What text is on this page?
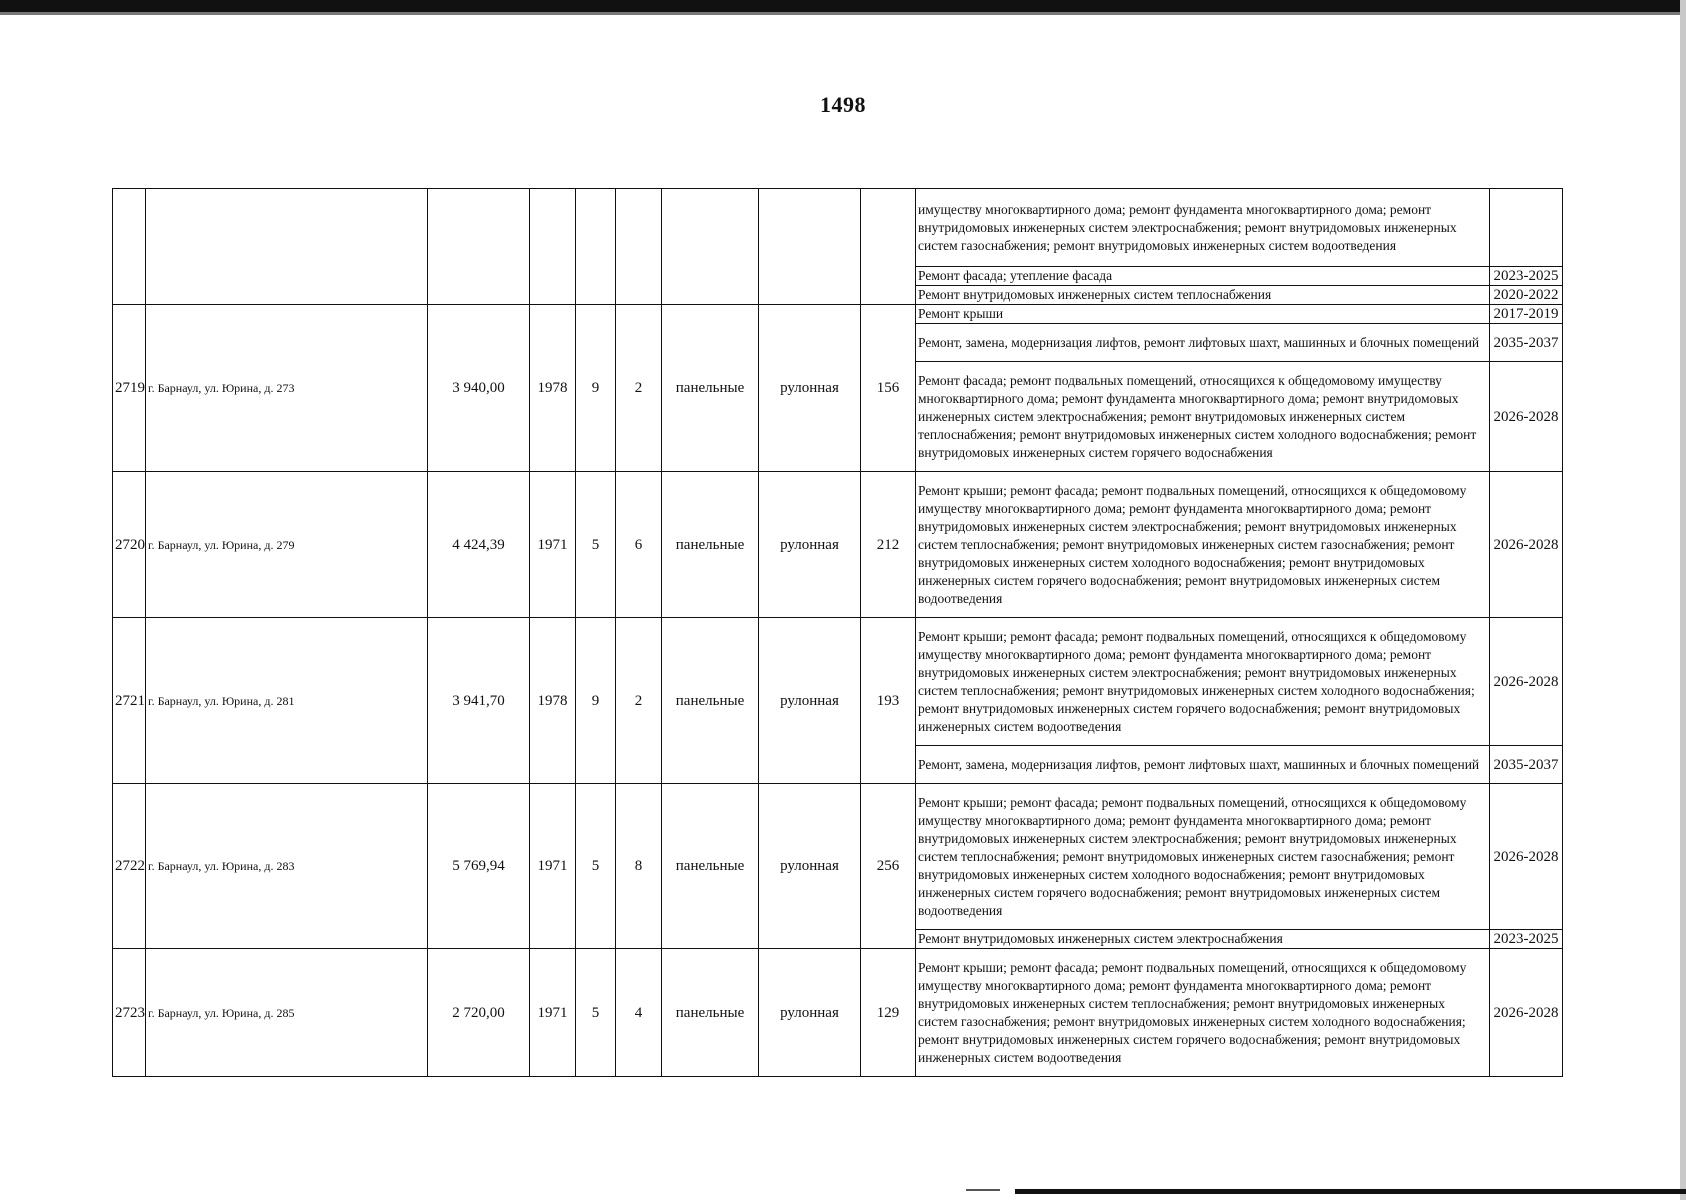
1498
									имуществу многоквартирного дома; ремонт фундамента многоквартирного дома; ремонт внутридомовых инженерных систем электроснабжения; ремонт внутридомовых инженерных систем газоснабжения; ремонт внутридомовых инженерных систем водоотведения	
									Ремонт фасада; утепление фасада	2023-2025
									Ремонт внутридомовых инженерных систем теплоснабжения	2020-2022
2719	г. Барнаул, ул. Юрина, д. 273	3 940,00	1978	9	2	панельные	рулонная	156	Ремонт крыши	2017-2019
									Ремонт, замена, модернизация лифтов, ремонт лифтовых шахт, машинных и блочных помещений	2035-2037
									Ремонт фасада; ремонт подвальных помещений, относящихся к общедомовому имуществу многоквартирного дома; ремонт фундамента многоквартирного дома; ремонт внутридомовых инженерных систем электроснабжения; ремонт внутридомовых инженерных систем теплоснабжения; ремонт внутридомовых инженерных систем холодного водоснабжения; ремонт внутридомовых инженерных систем горячего водоснабжения	2026-2028
2720	г. Барнаул, ул. Юрина, д. 279	4 424,39	1971	5	6	панельные	рулонная	212	Ремонт крыши; ремонт фасада; ремонт подвальных помещений, относящихся к общедомовому имуществу многоквартирного дома; ремонт фундамента многоквартирного дома; ремонт внутридомовых инженерных систем электроснабжения; ремонт внутридомовых инженерных систем теплоснабжения; ремонт внутридомовых инженерных систем газоснабжения; ремонт внутридомовых инженерных систем холодного водоснабжения; ремонт внутридомовых инженерных систем горячего водоснабжения; ремонт внутридомовых инженерных систем водоотведения	2026-2028
2721	г. Барнаул, ул. Юрина, д. 281	3 941,70	1978	9	2	панельные	рулонная	193	Ремонт крыши; ремонт фасада; ремонт подвальных помещений, относящихся к общедомовому имуществу многоквартирного дома; ремонт фундамента многоквартирного дома; ремонт внутридомовых инженерных систем электроснабжения; ремонт внутридомовых инженерных систем теплоснабжения; ремонт внутридомовых инженерных систем холодного водоснабжения; ремонт внутридомовых инженерных систем горячего водоснабжения; ремонт внутридомовых инженерных систем водоотведения	2026-2028
									Ремонт, замена, модернизация лифтов, ремонт лифтовых шахт, машинных и блочных помещений	2035-2037
2722	г. Барнаул, ул. Юрина, д. 283	5 769,94	1971	5	8	панельные	рулонная	256	Ремонт крыши; ремонт фасада; ремонт подвальных помещений, относящихся к общедомовому имуществу многоквартирного дома; ремонт фундамента многоквартирного дома; ремонт внутридомовых инженерных систем электроснабжения; ремонт внутридомовых инженерных систем теплоснабжения; ремонт внутридомовых инженерных систем газоснабжения; ремонт внутридомовых инженерных систем холодного водоснабжения; ремонт внутридомовых инженерных систем горячего водоснабжения; ремонт внутридомовых инженерных систем водоотведения	2026-2028
									Ремонт внутридомовых инженерных систем электроснабжения	2023-2025
2723	г. Барнаул, ул. Юрина, д. 285	2 720,00	1971	5	4	панельные	рулонная	129	Ремонт крыши; ремонт фасада; ремонт подвальных помещений, относящихся к общедомовому имуществу многоквартирного дома; ремонт фундамента многоквартирного дома; ремонт внутридомовых инженерных систем теплоснабжения; ремонт внутридомовых инженерных систем газоснабжения; ремонт внутридомовых инженерных систем холодного водоснабжения; ремонт внутридомовых инженерных систем горячего водоснабжения; ремонт внутридомовых инженерных систем водоотведения	2026-2028
